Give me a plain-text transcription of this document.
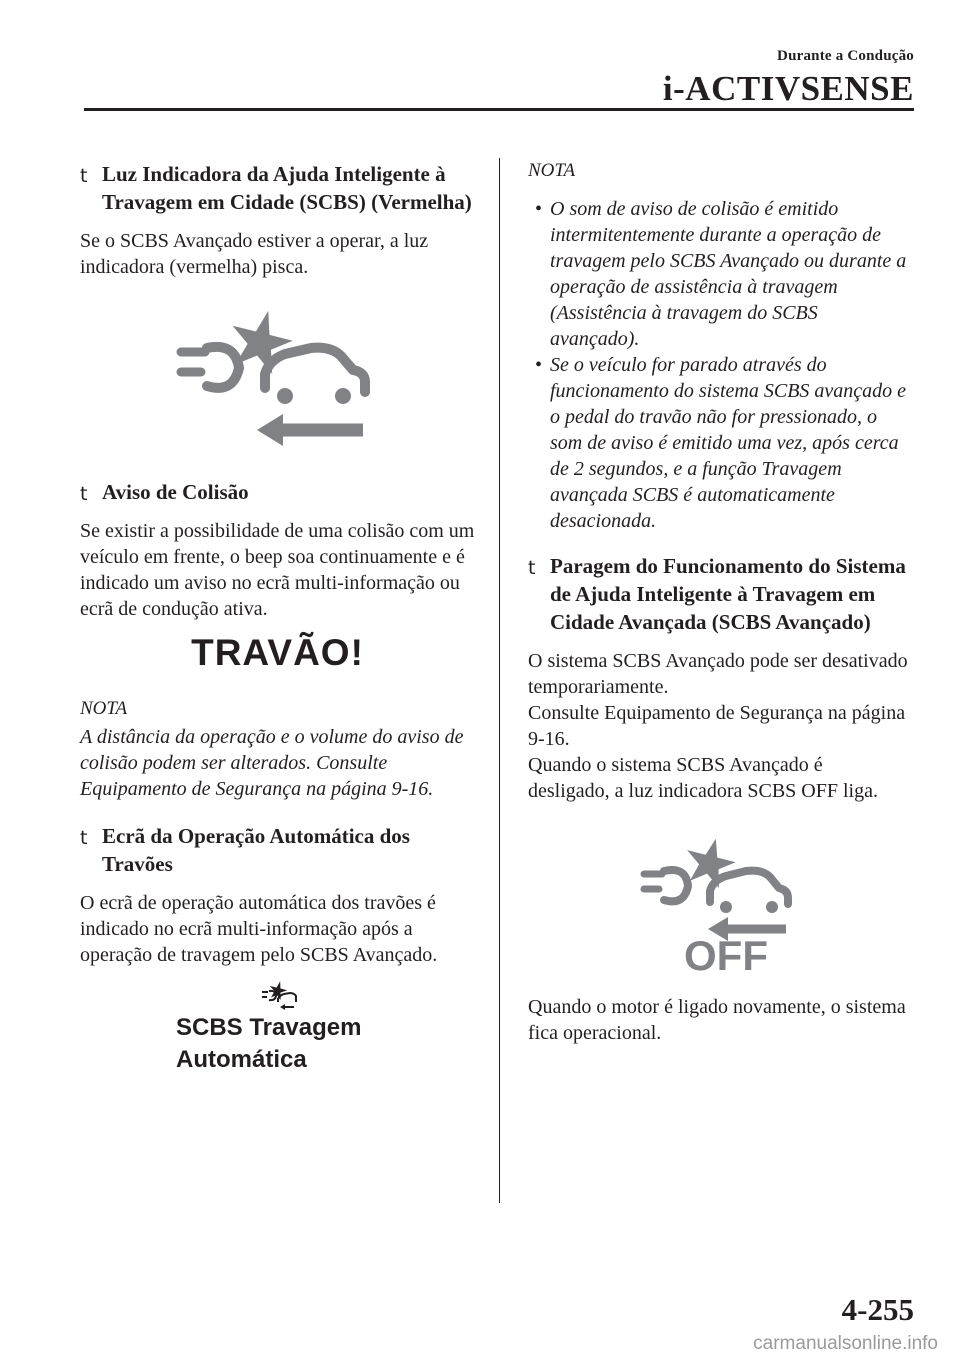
Durante a Condução
i-ACTIVSENSE
t Luz Indicadora da Ajuda Inteligente à Travagem em Cidade (SCBS) (Vermelha)

Se o SCBS Avançado estiver a operar, a luz indicadora (vermelha) pisca.

t Aviso de Colisão

Se existir a possibilidade de uma colisão com um veículo em frente, o beep soa continuamente e é indicado um aviso no ecrã multi-informação ou ecrã de condução ativa.

TRAVÃO!

NOTA

A distância da operação e o volume do aviso de colisão podem ser alterados. Consulte Equipamento de Segurança na página 9-16.

t Ecrã da Operação Automática dos Travões

O ecrã de operação automática dos travões é indicado no ecrã multi-informação após a operação de travagem pelo SCBS Avançado.

SCBS Travagem
Automática

NOTA

• O som de aviso de colisão é emitido intermitentemente durante a operação de travagem pelo SCBS Avançado ou durante a operação de assistência à travagem (Assistência à travagem do SCBS avançado).
• Se o veículo for parado através do funcionamento do sistema SCBS avançado e o pedal do travão não for pressionado, o som de aviso é emitido uma vez, após cerca de 2 segundos, e a função Travagem avançada SCBS é automaticamente desacionada.
t Paragem do Funcionamento do Sistema de Ajuda Inteligente à Travagem em Cidade Avançada (SCBS Avançado)

O sistema SCBS Avançado pode ser desativado temporariamente.

Consulte Equipamento de Segurança na página 9-16.

Quando o sistema SCBS Avançado é desligado, a luz indicadora SCBS OFF liga.

OFF

Quando o motor é ligado novamente, o sistema fica operacional.

4-255
carmanualsonline.info
